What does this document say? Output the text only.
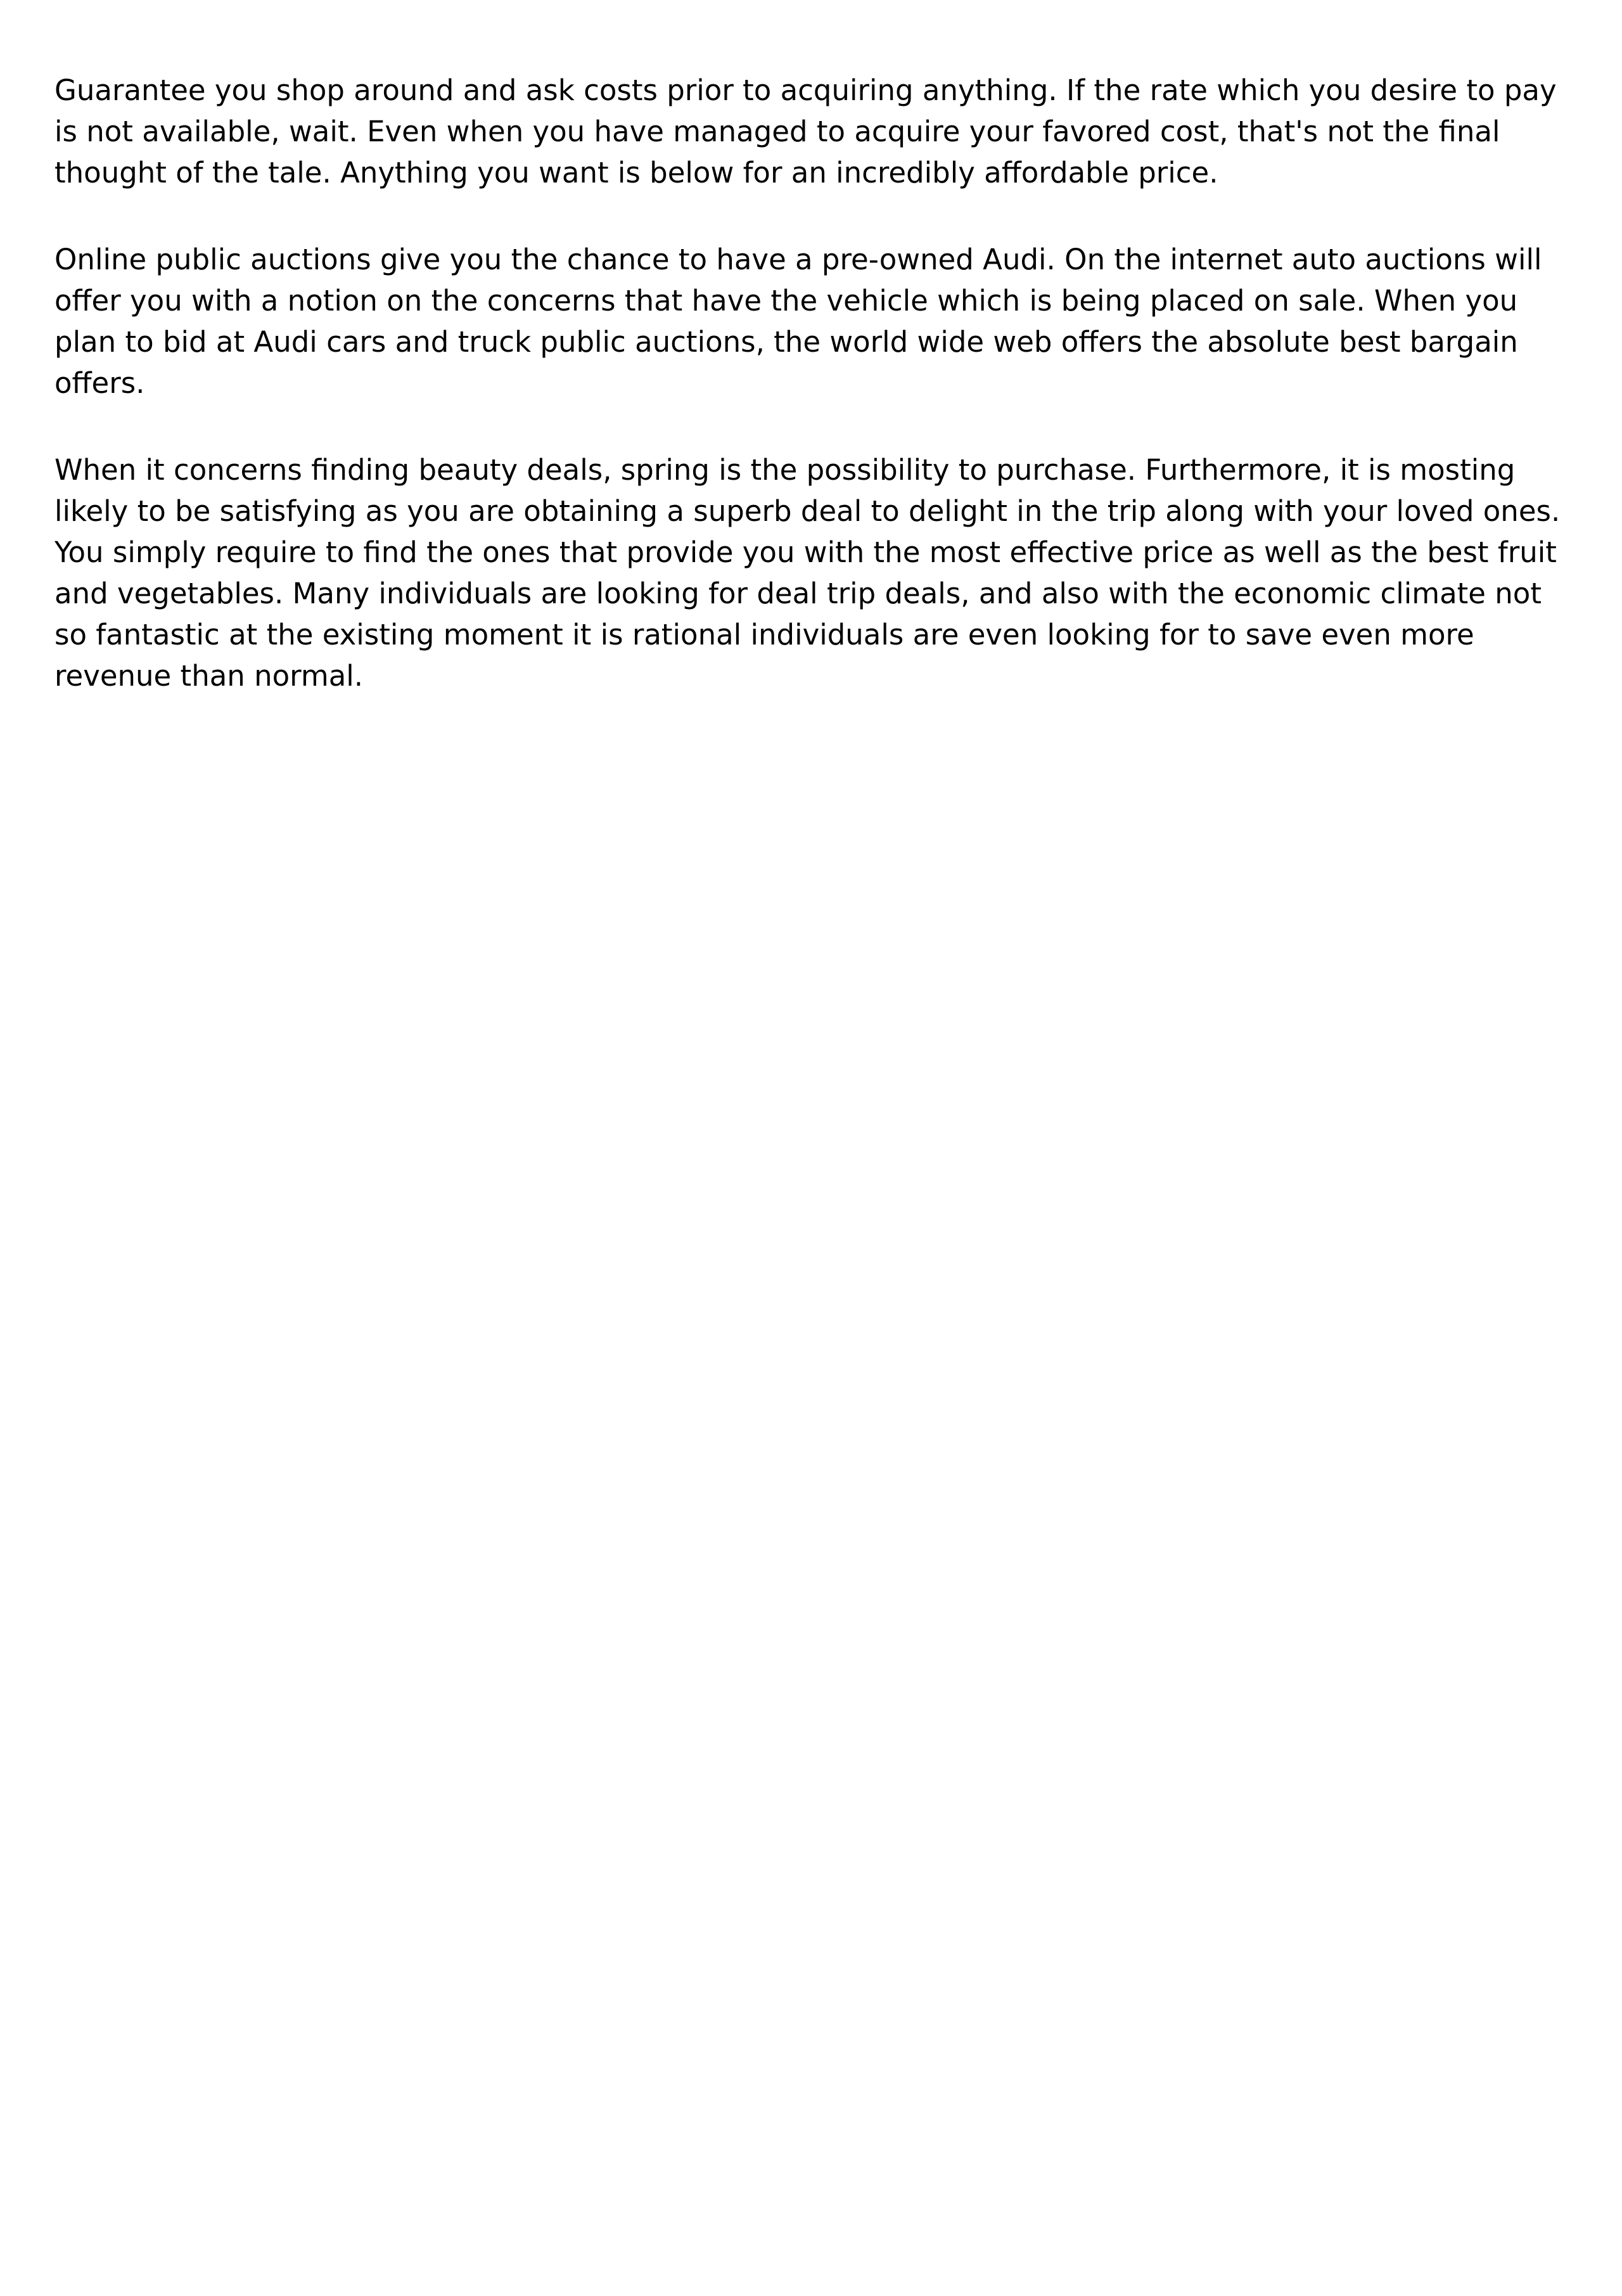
Guarantee you shop around and ask costs prior to acquiring anything. If the rate which you desire to pay is not available, wait. Even when you have managed to acquire your favored cost, that's not the final thought of the tale. Anything you want is below for an incredibly affordable price.

Online public auctions give you the chance to have a pre-owned Audi. On the internet auto auctions will offer you with a notion on the concerns that have the vehicle which is being placed on sale. When you plan to bid at Audi cars and truck public auctions, the world wide web offers the absolute best bargain offers.

When it concerns finding beauty deals, spring is the possibility to purchase. Furthermore, it is mosting likely to be satisfying as you are obtaining a superb deal to delight in the trip along with your loved ones. You simply require to find the ones that provide you with the most effective price as well as the best fruit and vegetables. Many individuals are looking for deal trip deals, and also with the economic climate not so fantastic at the existing moment it is rational individuals are even looking for to save even more revenue than normal.
